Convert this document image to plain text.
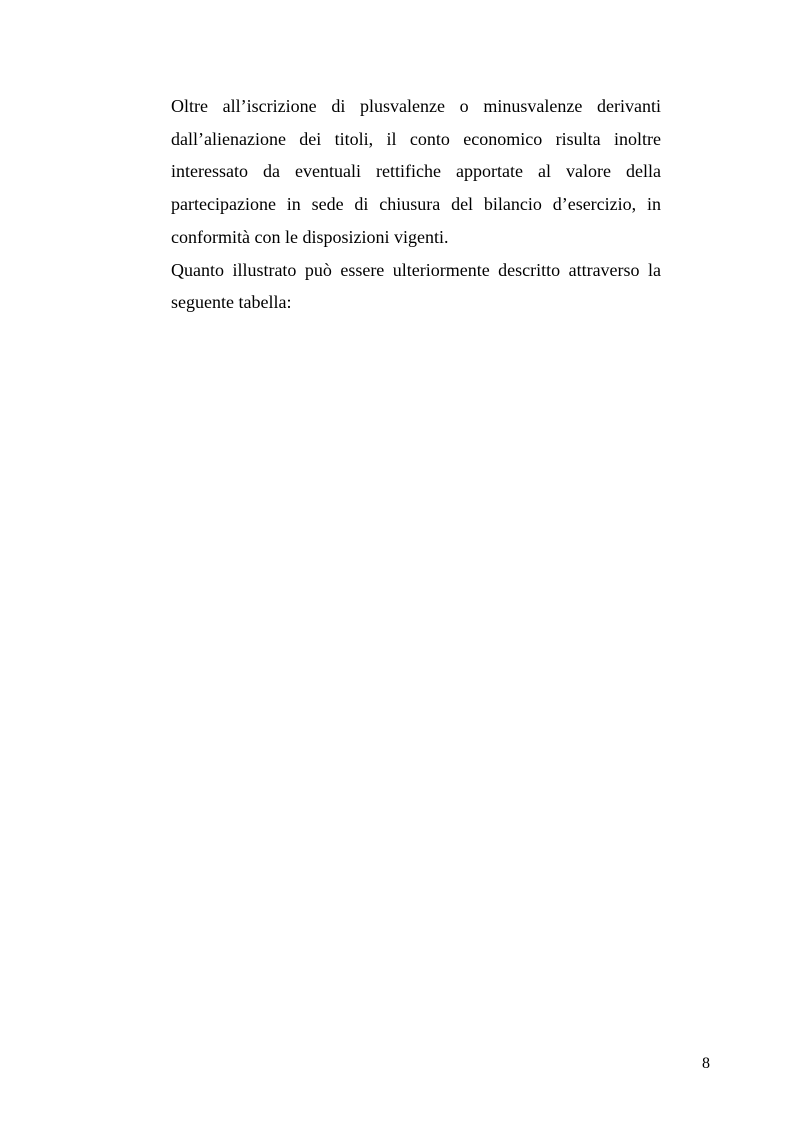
Oltre all’iscrizione di plusvalenze o minusvalenze derivanti
dall’alienazione dei titoli, il conto economico risulta inoltre
interessato da eventuali rettifiche apportate al valore della
partecipazione in sede di chiusura del bilancio d’esercizio, in
conformità con le disposizioni vigenti.

Quanto illustrato può essere ulteriormente descritto attraverso la
seguente tabella:

8
